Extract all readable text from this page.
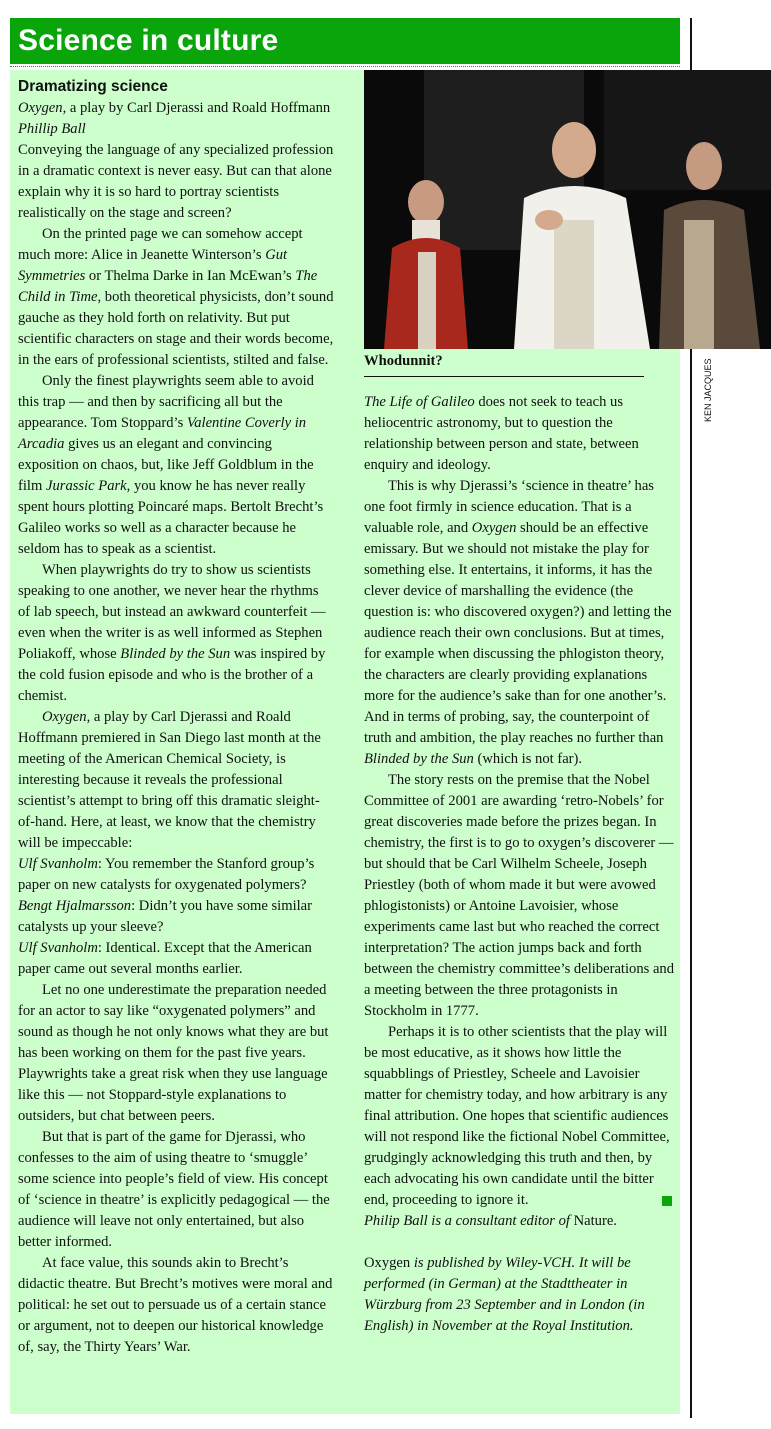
Science in culture
Whodunnit?	KEN JACQUES
Dramatizing science

Oxygen, a play by Carl Djerassi and Roald Hoffmann

Phillip Ball

Conveying the language of any specialized profession in a dramatic context is never easy. But can that alone explain why it is so hard to portray scientists realistically on the stage and screen?

On the printed page we can somehow accept much more: Alice in Jeanette Winterson’s Gut Symmetries or Thelma Darke in Ian McEwan’s The Child in Time, both theoretical physicists, don’t sound gauche as they hold forth on relativity. But put scientific characters on stage and their words become, in the ears of professional scientists, stilted and false.

Only the finest playwrights seem able to avoid this trap — and then by sacrificing all but the appearance. Tom Stoppard’s Valentine Coverly in Arcadia gives us an elegant and convincing exposition on chaos, but, like Jeff Goldblum in the film Jurassic Park, you know he has never really spent hours plotting Poincaré maps. Bertolt Brecht’s Galileo works so well as a character because he seldom has to speak as a scientist.

When playwrights do try to show us scientists speaking to one another, we never hear the rhythms of lab speech, but instead an awkward counterfeit — even when the writer is as well informed as Stephen Poliakoff, whose Blinded by the Sun was inspired by the cold fusion episode and who is the brother of a chemist.

Oxygen, a play by Carl Djerassi and Roald Hoffmann premiered in San Diego last month at the meeting of the American Chemical Society, is interesting because it reveals the professional scientist’s attempt to bring off this dramatic sleight-of-hand. Here, at least, we know that the chemistry will be impeccable:

Ulf Svanholm: You remember the Stanford group’s paper on new catalysts for oxygenated polymers?

Bengt Hjalmarsson: Didn’t you have some similar catalysts up your sleeve?

Ulf Svanholm: Identical. Except that the American paper came out several months earlier.

Let no one underestimate the preparation needed for an actor to say like “oxygenated polymers” and sound as though he not only knows what they are but has been working on them for the past five years. Playwrights take a great risk when they use language like this — not Stoppard-style explanations to outsiders, but chat between peers.

But that is part of the game for Djerassi, who confesses to the aim of using theatre to ‘smuggle’ some science into people’s field of view. His concept of ‘science in theatre’ is explicitly pedagogical — the audience will leave not only entertained, but also better informed.

At face value, this sounds akin to Brecht’s didactic theatre. But Brecht’s motives were moral and political: he set out to persuade us of a certain stance or argument, not to deepen our historical knowledge of, say, the Thirty Years’ War.

The Life of Galileo does not seek to teach us heliocentric astronomy, but to question the relationship between person and state, between enquiry and ideology.

This is why Djerassi’s ‘science in theatre’ has one foot firmly in science education. That is a valuable role, and Oxygen should be an effective emissary. But we should not mistake the play for something else. It entertains, it informs, it has the clever device of marshalling the evidence (the question is: who discovered oxygen?) and letting the audience reach their own conclusions. But at times, for example when discussing the phlogiston theory, the characters are clearly providing explanations more for the audience’s sake than for one another’s. And in terms of probing, say, the counterpoint of truth and ambition, the play reaches no further than Blinded by the Sun (which is not far).

The story rests on the premise that the Nobel Committee of 2001 are awarding ‘retro-Nobels’ for great discoveries made before the prizes began. In chemistry, the first is to go to oxygen’s discoverer — but should that be Carl Wilhelm Scheele, Joseph Priestley (both of whom made it but were avowed phlogistonists) or Antoine Lavoisier, whose experiments came last but who reached the correct interpretation? The action jumps back and forth between the chemistry committee’s deliberations and a meeting between the three protagonists in Stockholm in 1777.

Perhaps it is to other scientists that the play will be most educative, as it shows how little the squabblings of Priestley, Scheele and Lavoisier matter for chemistry today, and how arbitrary is any final attribution. One hopes that scientific audiences will not respond like the fictional Nobel Committee, grudgingly acknowledging this truth and then, by each advocating his own candidate until the bitter end, proceeding to ignore it.

Philip Ball is a consultant editor of Nature.

Oxygen is published by Wiley-VCH. It will be performed (in German) at the Stadttheater in Würzburg from 23 September and in London (in English) in November at the Royal Institution.
